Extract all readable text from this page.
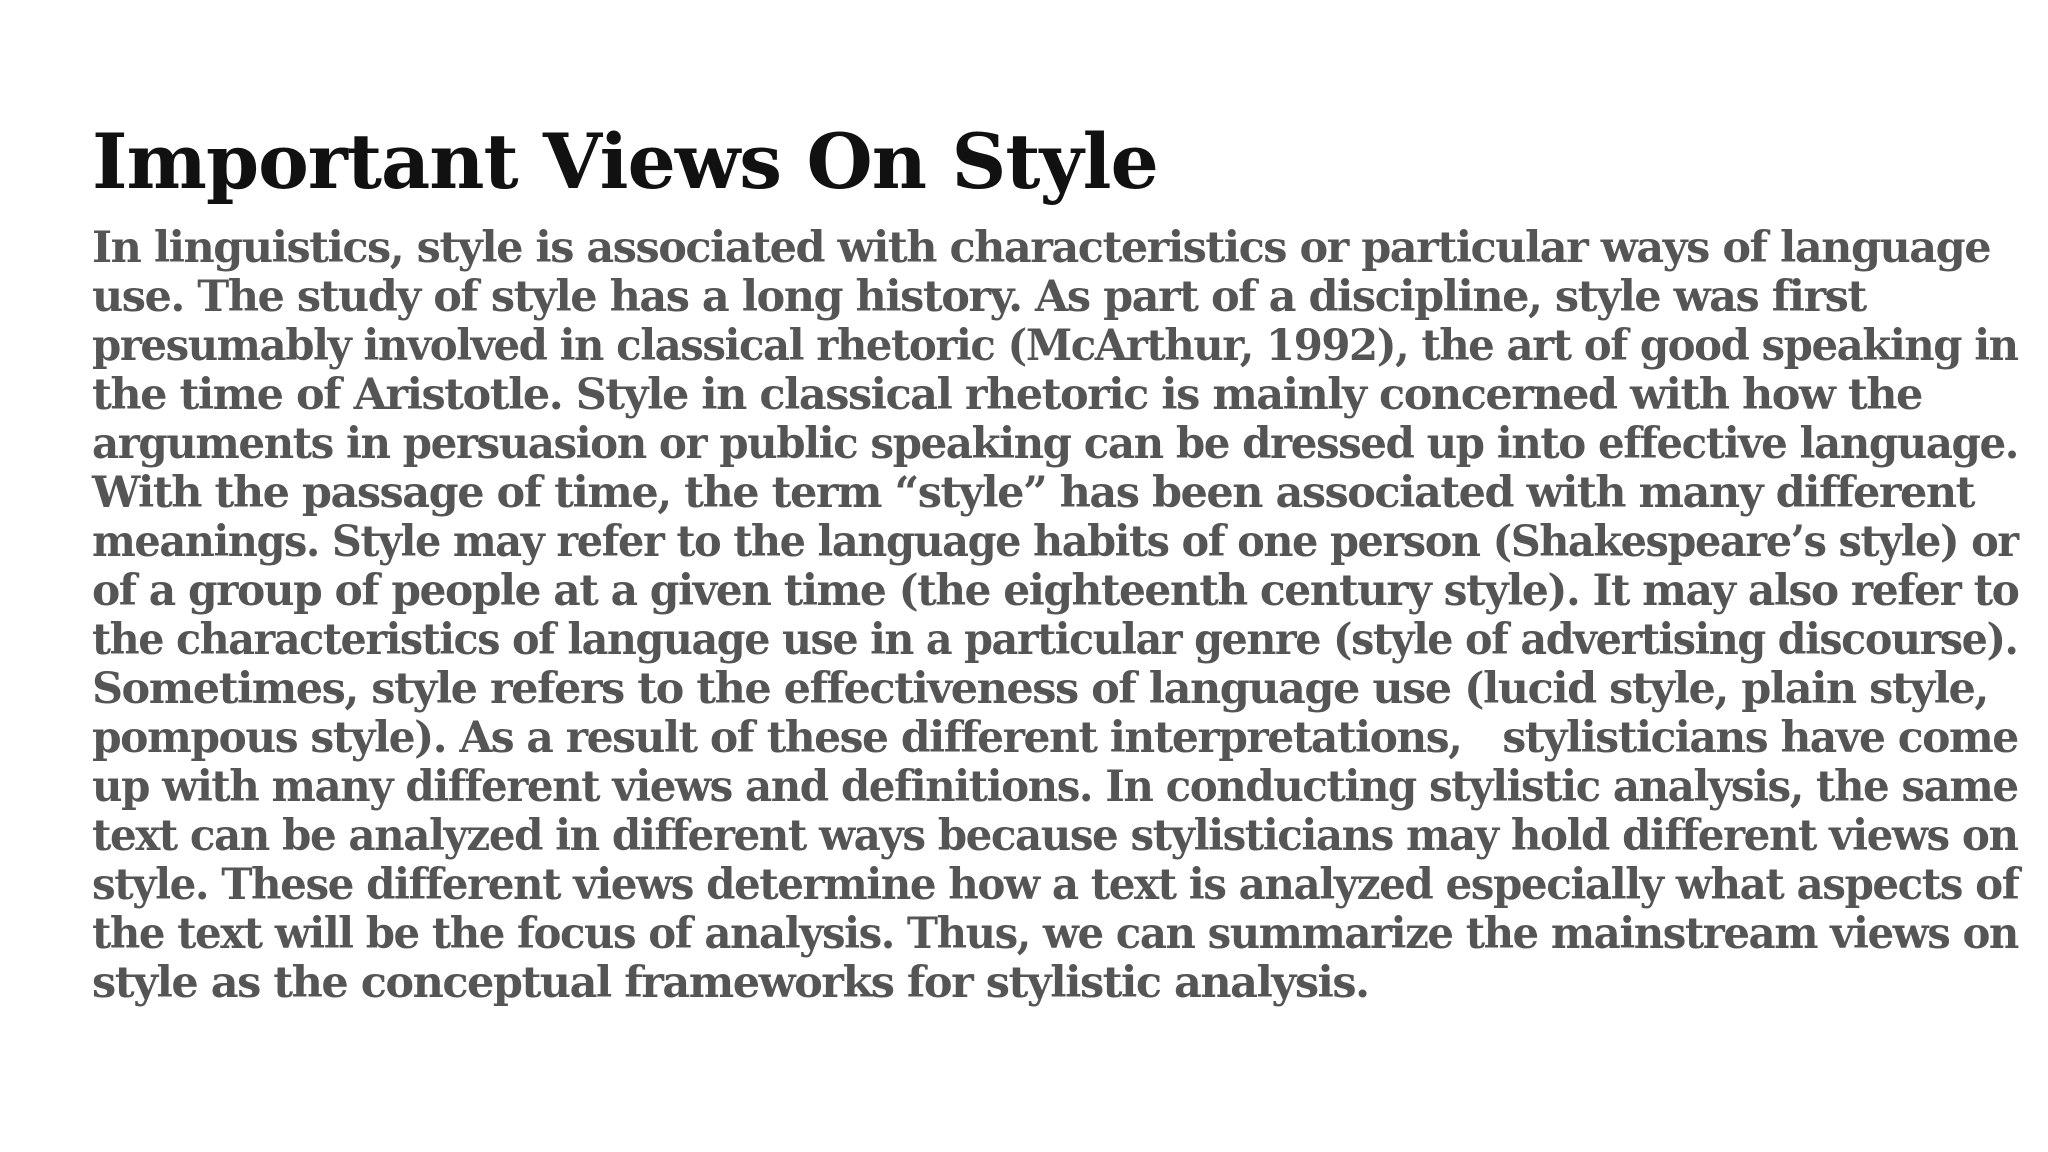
Important Views On Style
In linguistics, style is associated with characteristics or particular ways of language
use. The study of style has a long history. As part of a discipline, style was first
presumably involved in classical rhetoric (McArthur, 1992), the art of good speaking in
the time of Aristotle. Style in classical rhetoric is mainly concerned with how the
arguments in persuasion or public speaking can be dressed up into effective language.
With the passage of time, the term “style” has been associated with many different
meanings. Style may refer to the language habits of one person (Shakespeare’s style) or
of a group of people at a given time (the eighteenth century style). It may also refer to
the characteristics of language use in a particular genre (style of advertising discourse).
Sometimes, style refers to the effectiveness of language use (lucid style, plain style,
pompous style). As a result of these different interpretations,　stylisticians have come
up with many different views and definitions. In conducting stylistic analysis, the same
text can be analyzed in different ways because stylisticians may hold different views on
style. These different views determine how a text is analyzed especially what aspects of
the text will be the focus of analysis. Thus, we can summarize the mainstream views on
style as the conceptual frameworks for stylistic analysis.
